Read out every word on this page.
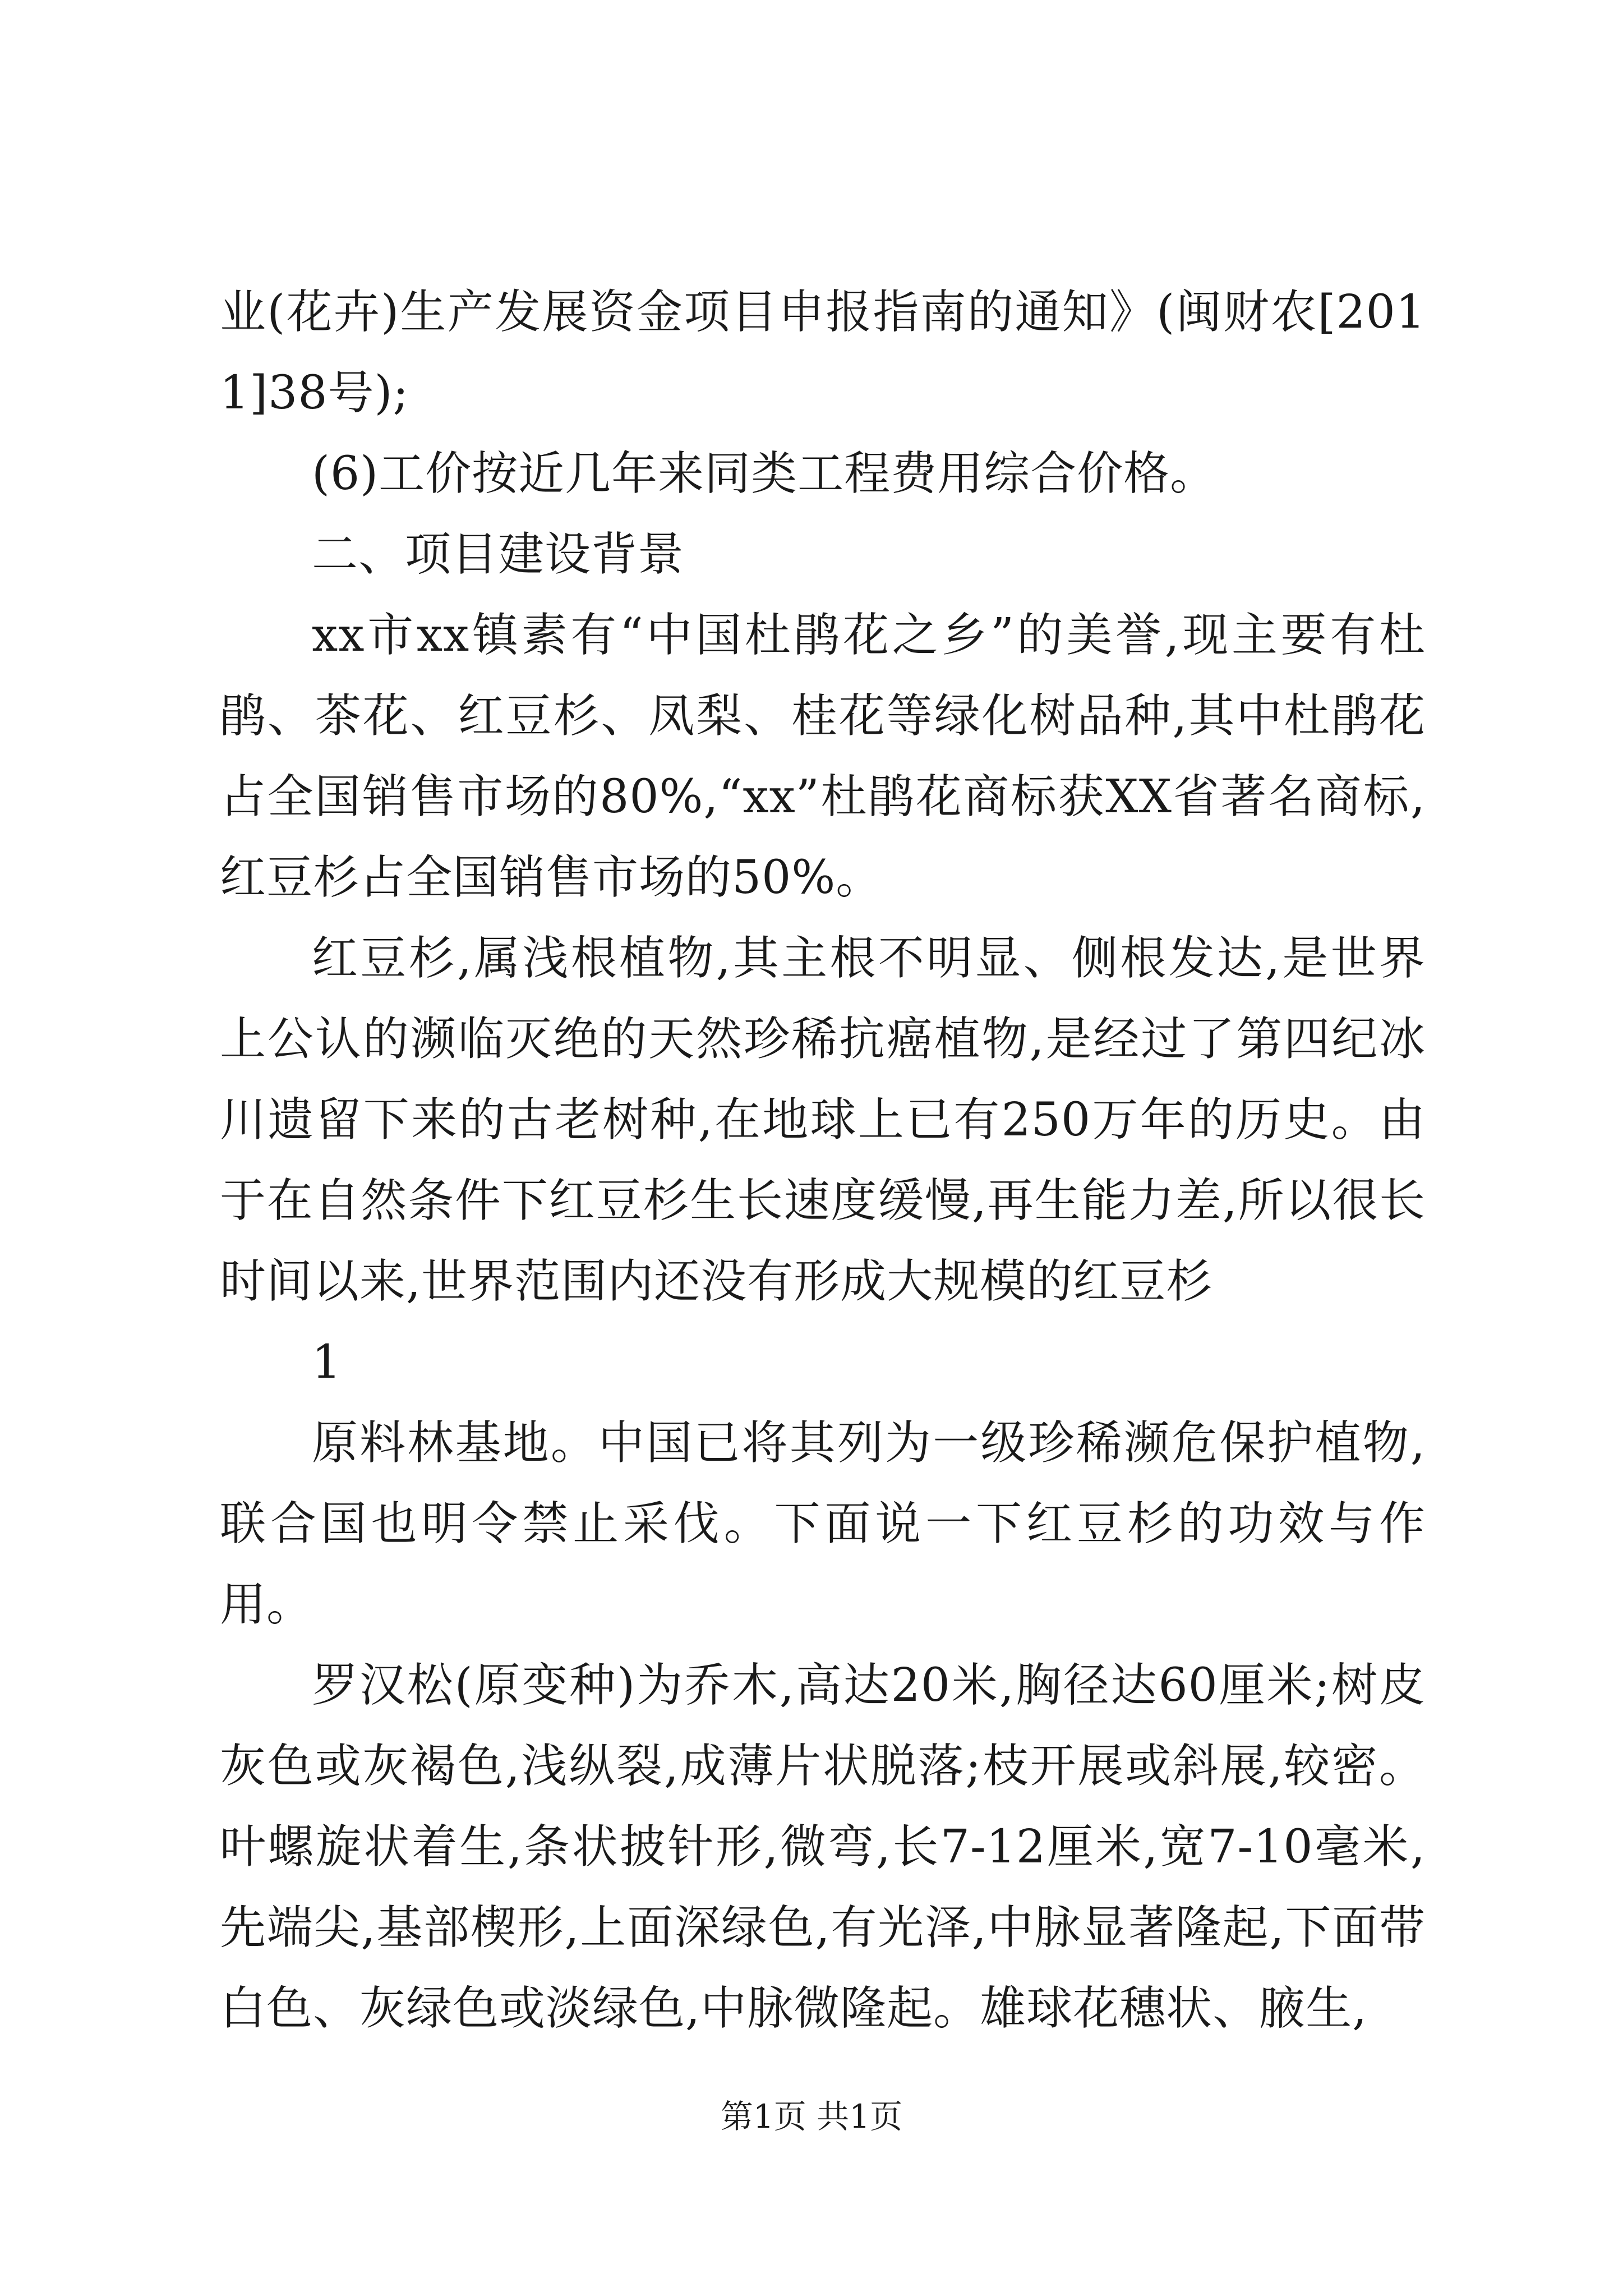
业(花卉)生产发展资金项目申报指南的通知》(闽财农[2011]38号);

(6)工价按近几年来同类工程费用综合价格。

二、项目建设背景

xx市xx镇素有“中国杜鹃花之乡”的美誉,现主要有杜鹃、茶花、红豆杉、凤梨、桂花等绿化树品种,其中杜鹃花占全国销售市场的80%,“xx”杜鹃花商标获XX省著名商标,红豆杉占全国销售市场的50%。

红豆杉,属浅根植物,其主根不明显、侧根发达,是世界上公认的濒临灭绝的天然珍稀抗癌植物,是经过了第四纪冰川遗留下来的古老树种,在地球上已有250万年的历史。由于在自然条件下红豆杉生长速度缓慢,再生能力差,所以很长时间以来,世界范围内还没有形成大规模的红豆杉

1

原料林基地。中国已将其列为一级珍稀濒危保护植物,联合国也明令禁止采伐。下面说一下红豆杉的功效与作用。

罗汉松(原变种)为乔木,高达20米,胸径达60厘米;树皮灰色或灰褐色,浅纵裂,成薄片状脱落;枝开展或斜展,较密。叶螺旋状着生,条状披针形,微弯,长7-12厘米,宽7-10毫米,先端尖,基部楔形,上面深绿色,有光泽,中脉显著隆起,下面带白色、灰绿色或淡绿色,中脉微隆起。雄球花穗状、腋生,

第1页 共1页
